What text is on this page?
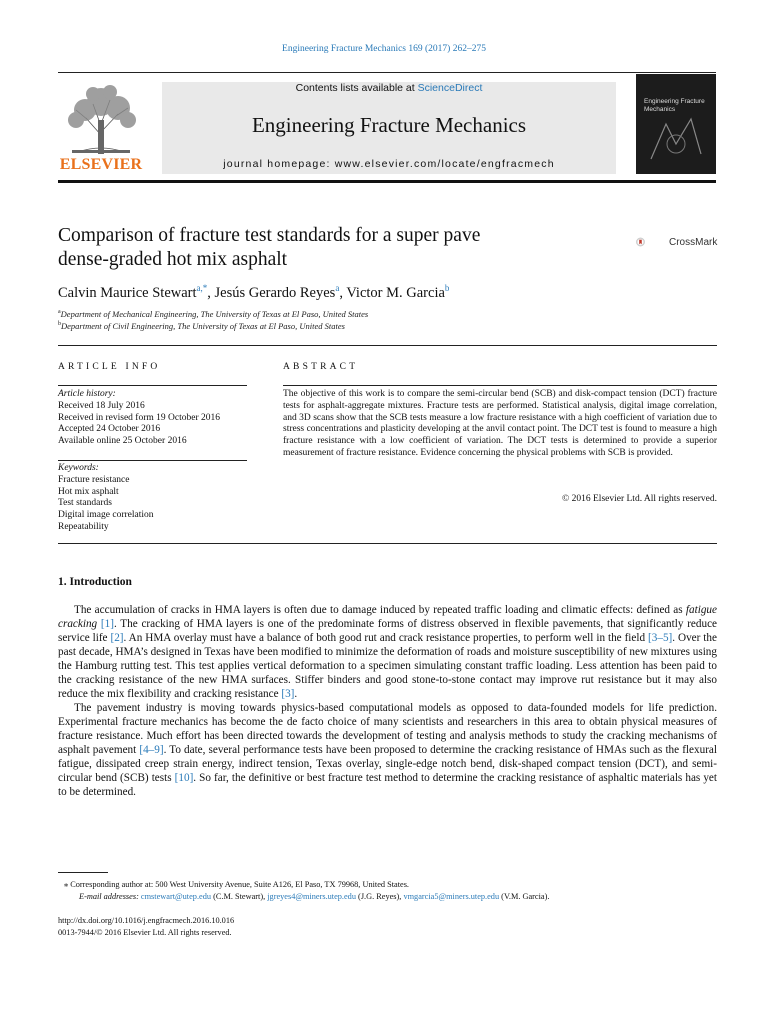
Engineering Fracture Mechanics 169 (2017) 262–275
ELSEVIER
Contents lists available at ScienceDirect
Engineering Fracture Mechanics
journal homepage: www.elsevier.com/locate/engfracmech
Engineering Fracture Mechanics
Comparison of fracture test standards for a super pave
dense-graded hot mix asphalt
CrossMark
Calvin Maurice Stewart$^{a,*}$, Jesús Gerardo Reyes$^a$, Victor M. Garcia$^b$
$^a$Department of Mechanical Engineering, The University of Texas at El Paso, United States
$^b$Department of Civil Engineering, The University of Texas at El Paso, United States
ARTICLE INFO
Article history:
Received 18 July 2016
Received in revised form 19 October 2016
Accepted 24 October 2016
Available online 25 October 2016
Keywords:
Fracture resistance
Hot mix asphalt
Test standards
Digital image correlation
Repeatability
ABSTRACT
The objective of this work is to compare the semi-circular bend (SCB) and disk-compact tension (DCT) fracture tests for asphalt-aggregate mixtures. Fracture tests are performed. Statistical analysis, digital image correlation, and 3D scans show that the SCB tests measure a low fracture resistance with a high coefficient of variation due to stress concentrations and plasticity developing at the anvil contact point. The DCT test is found to measure a high fracture resistance with a low coefficient of variation. The DCT tests is determined to provide a superior measurement of fracture resistance. Evidence concerning the physical problems with SCB is provided.
© 2016 Elsevier Ltd. All rights reserved.
1. Introduction

The accumulation of cracks in HMA layers is often due to damage induced by repeated traffic loading and climatic effects: defined as fatigue cracking [1]. The cracking of HMA layers is one of the predominate forms of distress observed in flexible pavements, that significantly reduce service life [2]. An HMA overlay must have a balance of both good rut and crack resistance properties, to perform well in the field [3–5]. Over the past decade, HMA’s designed in Texas have been modified to minimize the deformation of roads and moisture susceptibility of new mixtures using the Hamburg rutting test. This test applies vertical deformation to a specimen simulating constant traffic loading. Less attention has been paid to the cracking resistance of the new HMA surfaces. Stiffer binders and good stone-to-stone contact may improve rut resistance but it may also reduce the mix flexibility and cracking resistance [3].

The pavement industry is moving towards physics-based computational models as opposed to data-founded models for life prediction. Experimental fracture mechanics has become the de facto choice of many scientists and researchers in this area to obtain physical measures of fracture resistance. Much effort has been directed towards the development of testing and analysis methods to study the cracking mechanisms of asphalt pavement [4–9]. To date, several performance tests have been proposed to determine the cracking resistance of HMAs such as the flexural fatigue, dissipated creep strain energy, indirect tension, Texas overlay, single-edge notch bend, disk-shaped compact tension (DCT), and semi-circular bend (SCB) tests [10]. So far, the definitive or best fracture test method to determine the cracking resistance of asphaltic materials has yet to be determined.

⁎ Corresponding author at: 500 West University Avenue, Suite A126, El Paso, TX 79968, United States.
E-mail addresses: cmstewart@utep.edu (C.M. Stewart), jgreyes4@miners.utep.edu (J.G. Reyes), vmgarcia5@miners.utep.edu (V.M. Garcia).
http://dx.doi.org/10.1016/j.engfracmech.2016.10.016
0013-7944/© 2016 Elsevier Ltd. All rights reserved.
